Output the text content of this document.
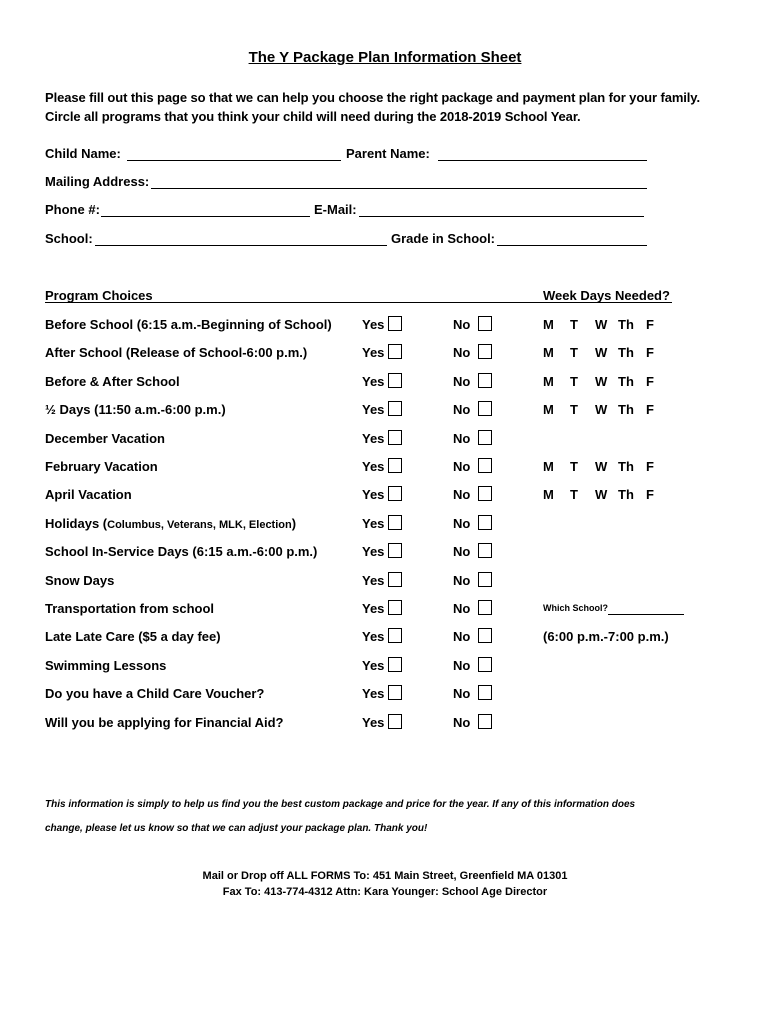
The Y Package Plan Information Sheet
Please fill out this page so that we can help you choose the right package and payment plan for your family.
Circle all programs that you think your child will need during the 2018-2019 School Year.
Child Name:	Parent Name:
Mailing Address:
Phone #:	E-Mail:
School:	Grade in School:
Program Choices	Week Days Needed?
Before School (6:15 a.m.-Beginning of School) Yes	No	M T W Th F
After School (Release of School-6:00 p.m.)	Yes	No	M T W Th F
Before & After School	Yes	No	M T W Th F
½ Days (11:50 a.m.-6:00 p.m.)	Yes	No	M T W Th F
December Vacation	Yes	No
February Vacation	Yes	No	M T W Th F
April Vacation	Yes	No	M T W Th F
Holidays (Columbus, Veterans, MLK, Election)	Yes	No
School In-Service Days (6:15 a.m.-6:00 p.m.)	Yes	No
Snow Days	Yes	No
Transportation from school	Yes	No	Which School?
Late Late Care ($5 a day fee)	Yes	No	(6:00 p.m.-7:00 p.m.)
Swimming Lessons	Yes	No
Do you have a Child Care Voucher?	Yes	No
Will you be applying for Financial Aid?	Yes	No
This information is simply to help us find you the best custom package and price for the year. If any of this information does
change, please let us know so that we can adjust your package plan. Thank you!
Mail or Drop off ALL FORMS To: 451 Main Street, Greenfield MA 01301
Fax To: 413-774-4312 Attn: Kara Younger: School Age Director
